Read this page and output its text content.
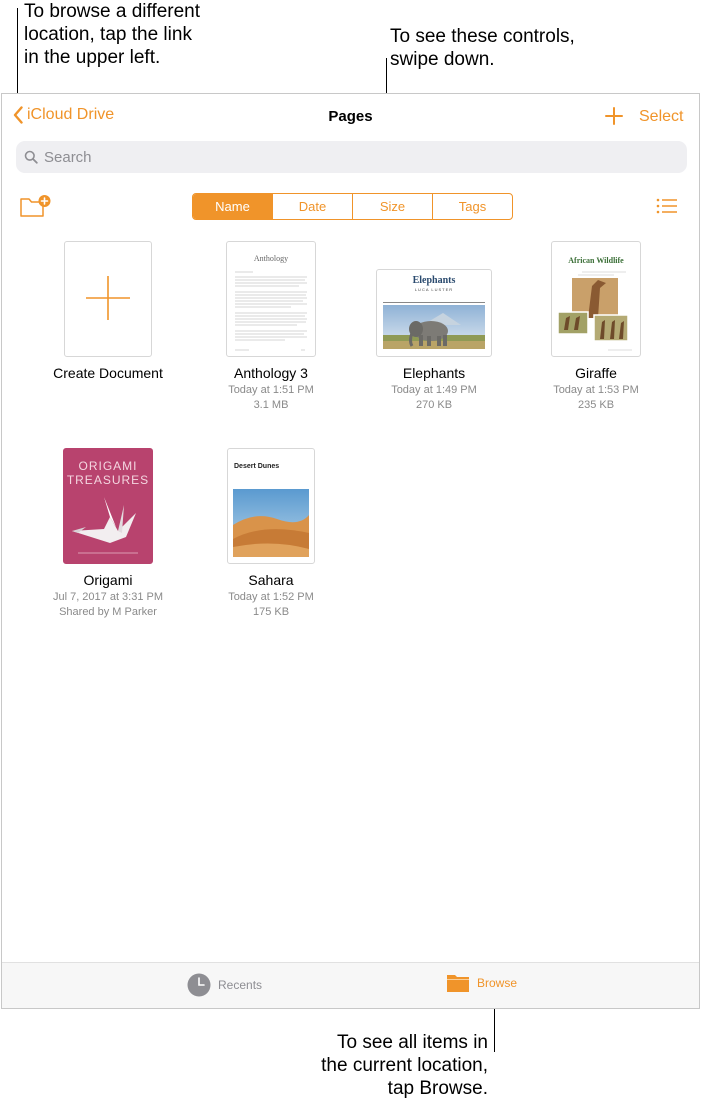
To browse a different
location, tap the link
in the upper left.
To see these controls,
swipe down.
To see all items in
the current location,
tap Browse.
iCloud Drive	Pages	Select
Search
Name	Date	Size	Tags
Create Document
Anthology
Anthology 3
Today at 1:51 PM
3.1 MB
Elephants
LUCA LUSTER
Elephants
Today at 1:49 PM
270 KB
African Wildlife
Giraffe
Today at 1:53 PM
235 KB
ORIGAMI
TREASURES
Origami
Jul 7, 2017 at 3:31 PM
Shared by M Parker
Desert Dunes
Sahara
Today at 1:52 PM
175 KB
Recents	Browse
